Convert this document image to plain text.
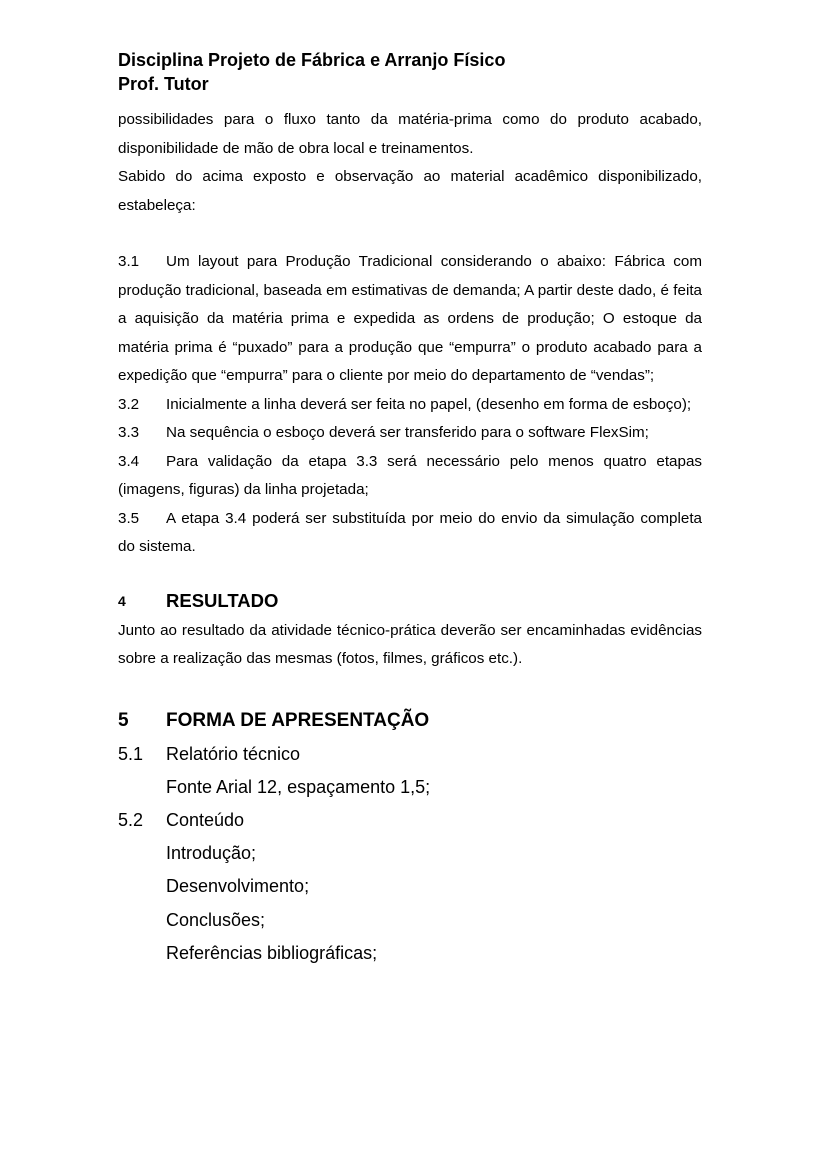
Disciplina Projeto de Fábrica e Arranjo Físico

Prof. Tutor

possibilidades para o fluxo tanto da matéria-prima como do produto acabado, disponibilidade de mão de obra local e treinamentos.

Sabido do acima exposto e observação ao material acadêmico disponibilizado, estabeleça:

3.1 Um layout para Produção Tradicional considerando o abaixo: Fábrica com produção tradicional, baseada em estimativas de demanda; A partir deste dado, é feita a aquisição da matéria prima e expedida as ordens de produção; O estoque da matéria prima é “puxado” para a produção que “empurra” o produto acabado para a expedição que “empurra” para o cliente por meio do departamento de “vendas”;

3.2 Inicialmente a linha deverá ser feita no papel, (desenho em forma de esboço);

3.3 Na sequência o esboço deverá ser transferido para o software FlexSim;

3.4 Para validação da etapa 3.3 será necessário pelo menos quatro etapas (imagens, figuras) da linha projetada;

3.5 A etapa 3.4 poderá ser substituída por meio do envio da simulação completa do sistema.

4	RESULTADO

Junto ao resultado da atividade técnico-prática deverão ser encaminhadas evidências sobre a realização das mesmas (fotos, filmes, gráficos etc.).

5	FORMA DE APRESENTAÇÃO

5.1	Relatório técnico

Fonte Arial 12, espaçamento 1,5;

5.2	Conteúdo

Introdução;

Desenvolvimento;

Conclusões;

Referências bibliográficas;
